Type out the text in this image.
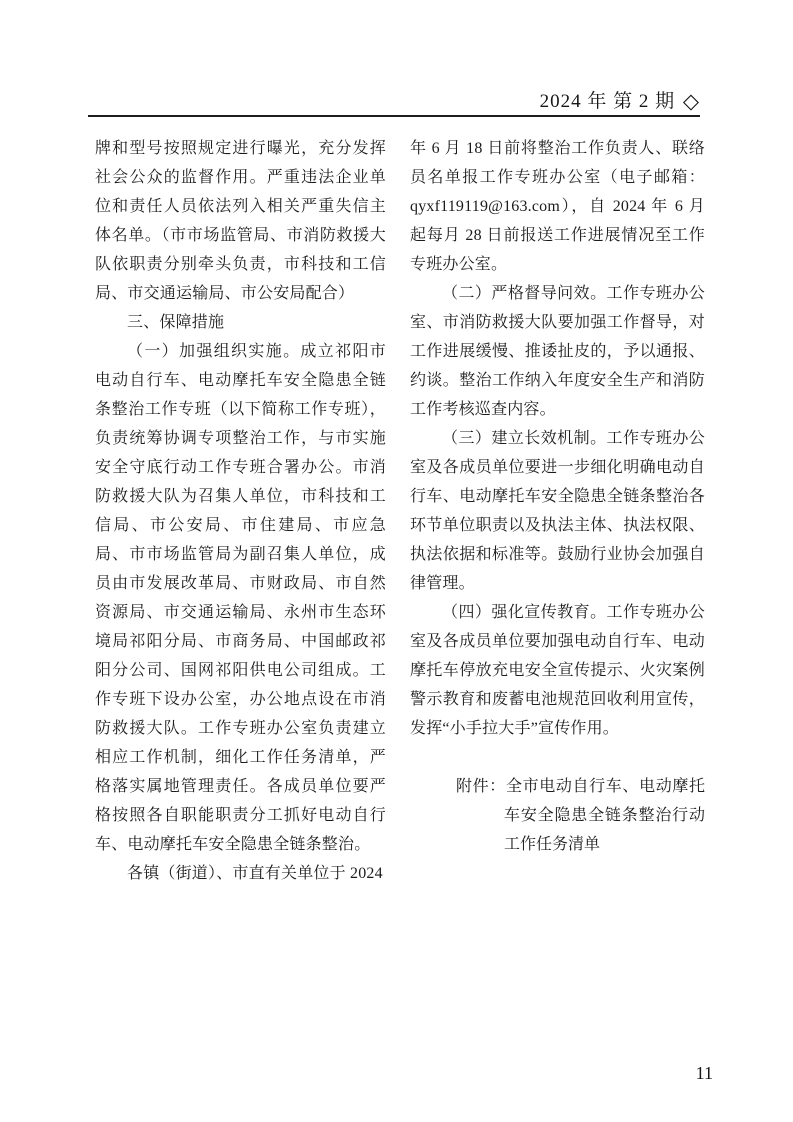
2024 年 第 2 期 ◇

牌和型号按照规定进行曝光，充分发挥社会公众的监督作用。严重违法企业单位和责任人员依法列入相关严重失信主体名单。（市市场监管局、市消防救援大队依职责分别牵头负责，市科技和工信局、市交通运输局、市公安局配合）

三、保障措施

（一）加强组织实施。成立祁阳市电动自行车、电动摩托车安全隐患全链条整治工作专班（以下简称工作专班），负责统筹协调专项整治工作，与市实施安全守底行动工作专班合署办公。市消防救援大队为召集人单位，市科技和工信局、市公安局、市住建局、市应急局、市市场监管局为副召集人单位，成员由市发展改革局、市财政局、市自然资源局、市交通运输局、永州市生态环境局祁阳分局、市商务局、中国邮政祁阳分公司、国网祁阳供电公司组成。工作专班下设办公室，办公地点设在市消防救援大队。工作专班办公室负责建立相应工作机制，细化工作任务清单，严格落实属地管理责任。各成员单位要严格按照各自职能职责分工抓好电动自行车、电动摩托车安全隐患全链条整治。

各镇（街道）、市直有关单位于 2024

年 6 月 18 日前将整治工作负责人、联络员名单报工作专班办公室（电子邮箱：qyxf119119@163.com），自 2024 年 6 月起每月 28 日前报送工作进展情况至工作专班办公室。

（二）严格督导问效。工作专班办公室、市消防救援大队要加强工作督导，对工作进展缓慢、推诿扯皮的，予以通报、约谈。整治工作纳入年度安全生产和消防工作考核巡查内容。

（三）建立长效机制。工作专班办公室及各成员单位要进一步细化明确电动自行车、电动摩托车安全隐患全链条整治各环节单位职责以及执法主体、执法权限、执法依据和标准等。鼓励行业协会加强自律管理。

（四）强化宣传教育。工作专班办公室及各成员单位要加强电动自行车、电动摩托车停放充电安全宣传提示、火灾案例警示教育和废蓄电池规范回收利用宣传，发挥“小手拉大手”宣传作用。

附件：全市电动自行车、电动摩托车安全隐患全链条整治行动工作任务清单
11
